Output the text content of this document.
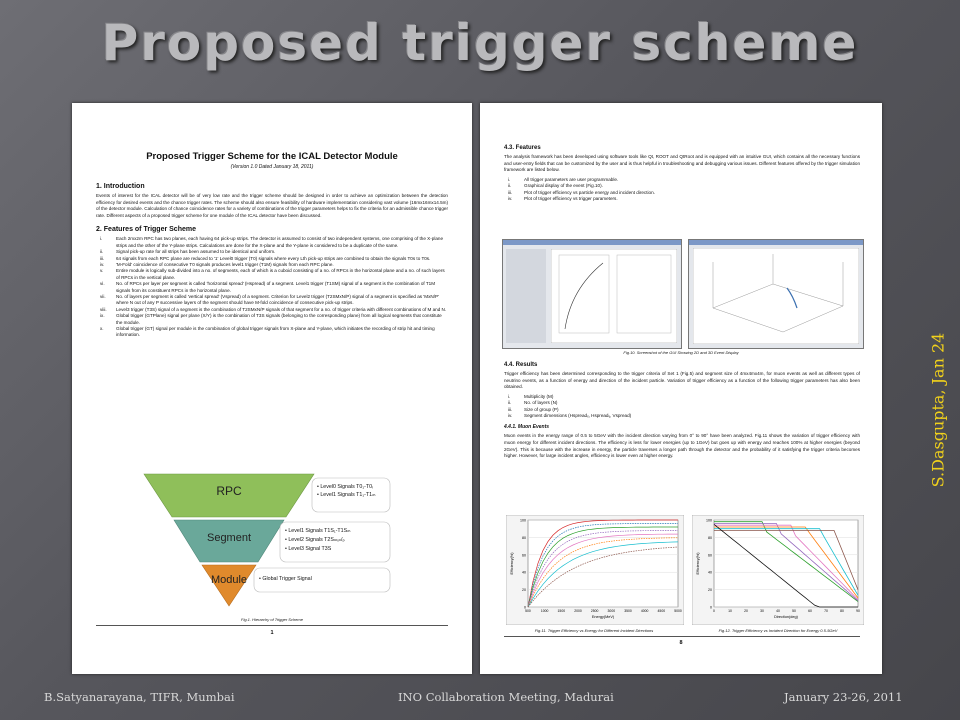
Proposed trigger scheme
S.Dasgupta, Jan 24
Proposed Trigger Scheme for the ICAL Detector Module
(Version 1.0 Dated January 18, 2011)

1. Introduction

Events of interest for the ICAL detector will be of very low rate and the trigger scheme should be designed in order to achieve an optimization between the detection efficiency for desired events and the chance trigger rates. The scheme should also ensure feasibility of hardware implementation considering vast volume (16mx16mx14.5m) of the detector module. Calculation of chance coincidence rates for a variety of combinations of the trigger parameters helps to fix the criteria for an admissible chance trigger rate. Different aspects of a proposed trigger scheme for one module of the ICAL detector have been discussed.

2. Features of Trigger Scheme

i.	Each 2mx2m RPC has two planes, each having 64 pick-up strips. The detector is assumed to consist of two independent systems, one comprising of the X-plane strips and the other of the Y-plane strips. Calculations are done for the X-plane and the Y-plane is considered to be a duplicate of the same.
ii.	Signal pick-up rate for all strips has been assumed to be identical and uniform.
iii.	64 signals from each RPC plane are reduced to '1' Level0 trigger (T0) signals where every Lth pick-up strips are combined to obtain the signals T0s to T0s.
iv.	'M-Fold' coincidence of consecutive T0 signals produces level1 trigger (T1M) signals from each RPC plane.
v.	Entire module is logically sub-divided into a no. of segments, each of which is a cuboid consisting of a no. of RPCs in the horizontal plane and a no. of such layers of RPCs in the vertical plane.
vi.	No. of RPCs per layer per segment is called 'horizontal spread' (Hspread) of a segment. Level1 trigger (T1SM) signal of a segment is the combination of T1M signals from its constituent RPCs in the horizontal plane.
vii.	No. of layers per segment is called 'vertical spread' (Vspread) of a segment. Criterion for Level2 trigger (T2SMxN/P) signal of a segment is specified as 'MxN/P' where N out of any P successive layers of the segment should have M-fold coincidence of consecutive pick-up strips.
viii.	Level3 trigger (T3S) signal of a segment is the combination of T2SMxN/P signals of that segment for a no. of trigger criteria with different combinations of M and N.
ix.	Global trigger (GTPlane) signal per plane (X/Y) is the combination of T3S signals (belonging to the corresponding plane) from all logical segments that constitute the module.
x.	Global trigger (GT) signal per module is the combination of global trigger signals from X-plane and Y-plane, which initiates the recording of strip hit and timing information.
RPC
Segment
Module
• Level0 Signals T0₁-T0ᵢ
• Level1 Signals T1₁-T1ₘ
• Level1 Signals T1S₁-T1Sₘ
• Level2 Signals T2Sₘₓₙ/ₚ
• Level3 Signal T3S
• Global Trigger Signal
Fig.1. Hierarchy of Trigger Scheme
1

4.3. Features

The analysis framework has been developed using software tools like Qt, ROOT and QtRoot and is equipped with an intuitive GUI, which contains all the necessary functions and user-entry fields that can be customized by the user and is thus helpful in troubleshooting and debugging various issues. Different features offered by the trigger simulation framework are listed below.

i.	All trigger parameters are user programmable.
ii.	Graphical display of the event (Fig.10).
iii.	Plot of trigger efficiency vs particle energy and incident direction.
iv.	Plot of trigger efficiency vs trigger parameters.
Fig.10. Screenshot of the GUI Showing 2D and 3D Event Display

4.4. Results

Trigger efficiency has been determined corresponding to the trigger criteria of Set 1 (Fig.5) and segment size of 4mx4mx4m, for muon events as well as different types of neutrino events, as a function of energy and direction of the incident particle. Variation of trigger efficiency as a function of the following trigger parameters has also been obtained.

i.	Multiplicity (M)
ii.	No. of layers (N)
iii.	Size of group (P)
iv.	Segment dimensions (Hspreadₓ, Hspreadᵧ, Vspread)

4.4.1. Muon Events

Muon events in the energy range of 0.5 to 5GeV with the incident direction varying from 0° to 90° have been analyzed. Fig.11 shows the variation of trigger efficiency with muon energy for different incident directions. The efficiency is less for lower energies (up to 1GeV) but goes up with energy and reaches 100% at higher energies (beyond 2GeV). This is because with the increase in energy, the particle traverses a longer path through the detector and the probability of it satisfying the trigger criteria becomes higher. However, for large incident angles, efficiency is lower even at higher energy.

100
80
60
40
20
0
500	1000	1500	2000	2500	3000	3500	4000	4500	5000
Energy(MeV)
Efficiency(%)
100
80
60
40
20
0
0	10	20	30	40	50	60	70	80	90
Direction(deg)
Efficiency(%)
Fig.11. Trigger Efficiency vs Energy for Different Incident Directions	Fig.12. Trigger Efficiency vs Incident Direction for Energy 0.5-5GeV
8
B.Satyanarayana, TIFR, Mumbai	INO Collaboration Meeting, Madurai	January 23-26, 2011
